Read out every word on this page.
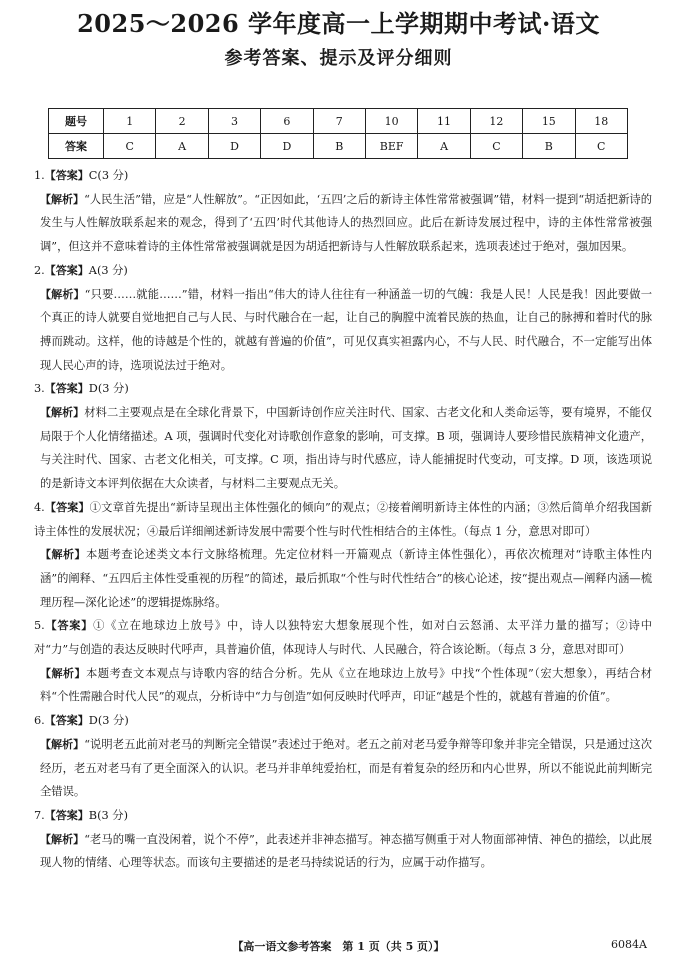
2025～2026 学年度高一上学期期中考试·语文
参考答案、提示及评分细则
题号	1	2	3	6	7	10	11	12	15	18
答案	C	A	D	D	B	BEF	A	C	B	C

1.【答案】C(3 分)

【解析】“人民生活”错，应是“人性解放”。“正因如此，‘五四’之后的新诗主体性常常被强调”错，材料一提到“胡适把新诗的发生与人性解放联系起来的观念，得到了‘五四’时代其他诗人的热烈回应。此后在新诗发展过程中，诗的主体性常常被强调”，但这并不意味着诗的主体性常常被强调就是因为胡适把新诗与人性解放联系起来，选项表述过于绝对，强加因果。

2.【答案】A(3 分)

【解析】“只要……就能……”错，材料一指出“伟大的诗人往往有一种涵盖一切的气魄：我是人民！人民是我！因此要做一个真正的诗人就要自觉地把自己与人民、与时代融合在一起，让自己的胸膛中流着民族的热血，让自己的脉搏和着时代的脉搏而跳动。这样，他的诗越是个性的，就越有普遍的价值”，可见仅真实袒露内心，不与人民、时代融合，不一定能写出体现人民心声的诗，选项说法过于绝对。

3.【答案】D(3 分)

【解析】材料二主要观点是在全球化背景下，中国新诗创作应关注时代、国家、古老文化和人类命运等，要有境界，不能仅局限于个人化情绪描述。A 项，强调时代变化对诗歌创作意象的影响，可支撑。B 项，强调诗人要珍惜民族精神文化遗产，与关注时代、国家、古老文化相关，可支撑。C 项，指出诗与时代感应，诗人能捕捉时代变动，可支撑。D 项，该选项说的是新诗文本评判依据在大众读者，与材料二主要观点无关。

4.【答案】①文章首先提出“新诗呈现出主体性强化的倾向”的观点；②接着阐明新诗主体性的内涵；③然后简单介绍我国新诗主体性的发展状况；④最后详细阐述新诗发展中需要个性与时代性相结合的主体性。（每点 1 分，意思对即可）

【解析】本题考查论述类文本行文脉络梳理。先定位材料一开篇观点（新诗主体性强化），再依次梳理对“诗歌主体性内涵”的阐释、“五四后主体性受重视的历程”的简述，最后抓取“个性与时代性结合”的核心论述，按“提出观点—阐释内涵—梳理历程—深化论述”的逻辑提炼脉络。

5.【答案】①《立在地球边上放号》中，诗人以独特宏大想象展现个性，如对白云怒涌、太平洋力量的描写；②诗中对“力”与创造的表达反映时代呼声，具普遍价值，体现诗人与时代、人民融合，符合该论断。（每点 3 分，意思对即可）

【解析】本题考查文本观点与诗歌内容的结合分析。先从《立在地球边上放号》中找“个性体现”（宏大想象），再结合材料“个性需融合时代人民”的观点，分析诗中“力与创造”如何反映时代呼声，印证“越是个性的，就越有普遍的价值”。

6.【答案】D(3 分)

【解析】“说明老五此前对老马的判断完全错误”表述过于绝对。老五之前对老马爱争辩等印象并非完全错误，只是通过这次经历，老五对老马有了更全面深入的认识。老马并非单纯爱抬杠，而是有着复杂的经历和内心世界，所以不能说此前判断完全错误。

7.【答案】B(3 分)

【解析】“老马的嘴一直没闲着，说个不停”，此表述并非神态描写。神态描写侧重于对人物面部神情、神色的描绘，以此展现人物的情绪、心理等状态。而该句主要描述的是老马持续说话的行为，应属于动作描写。

【高一语文参考答案　第 1 页（共 5 页）】	6084A
